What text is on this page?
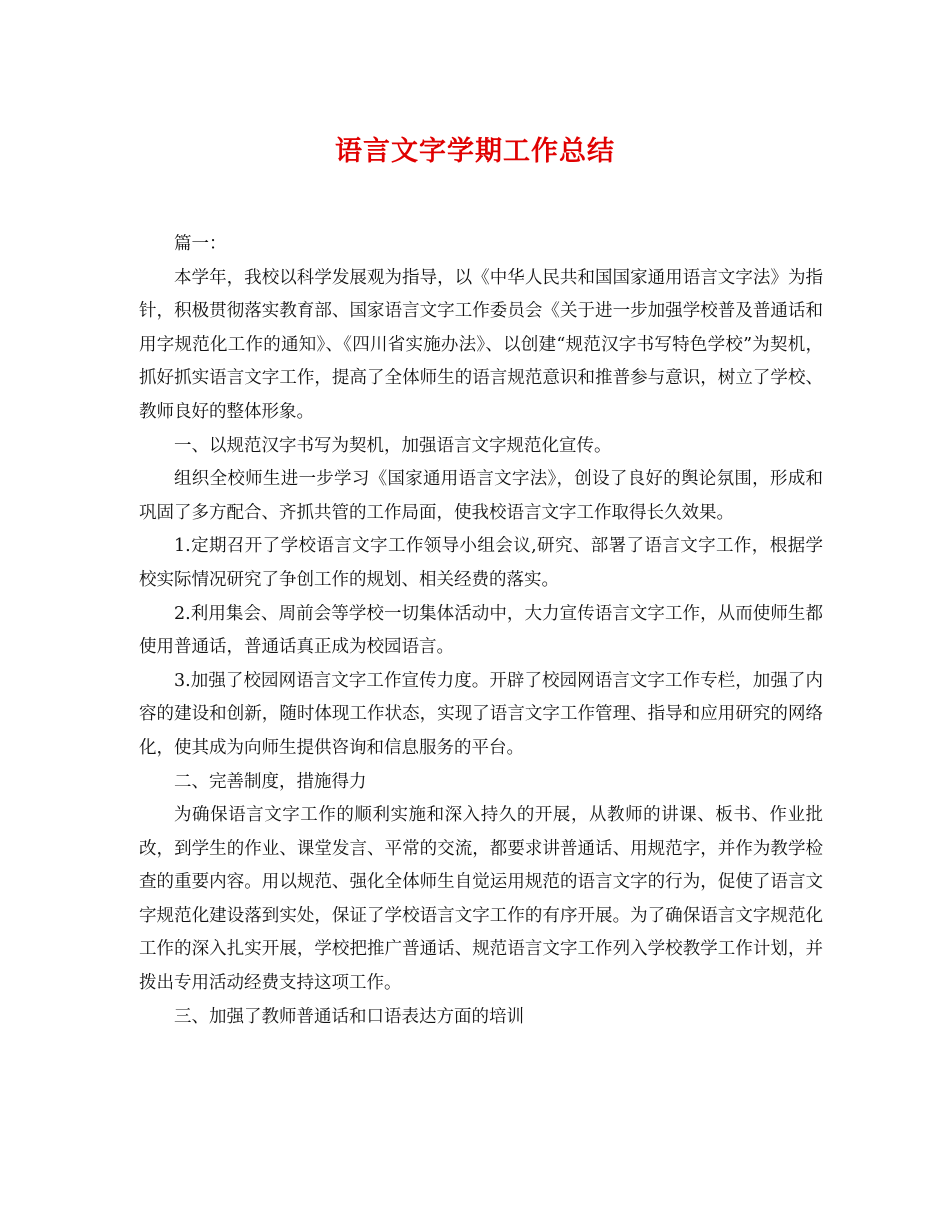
语言文字学期工作总结

篇一：

本学年，我校以科学发展观为指导，以《中华人民共和国国家通用语言文字法》为指针，积极贯彻落实教育部、国家语言文字工作委员会《关于进一步加强学校普及普通话和用字规范化工作的通知》、《四川省实施办法》、以创建“规范汉字书写特色学校”为契机，抓好抓实语言文字工作，提高了全体师生的语言规范意识和推普参与意识，树立了学校、教师良好的整体形象。

一、以规范汉字书写为契机，加强语言文字规范化宣传。

组织全校师生进一步学习《国家通用语言文字法》，创设了良好的舆论氛围，形成和巩固了多方配合、齐抓共管的工作局面，使我校语言文字工作取得长久效果。

1.定期召开了学校语言文字工作领导小组会议,研究、部署了语言文字工作，根据学校实际情况研究了争创工作的规划、相关经费的落实。

2.利用集会、周前会等学校一切集体活动中，大力宣传语言文字工作，从而使师生都使用普通话，普通话真正成为校园语言。

3.加强了校园网语言文字工作宣传力度。开辟了校园网语言文字工作专栏，加强了内容的建设和创新，随时体现工作状态，实现了语言文字工作管理、指导和应用研究的网络化，使其成为向师生提供咨询和信息服务的平台。

二、完善制度，措施得力

为确保语言文字工作的顺利实施和深入持久的开展，从教师的讲课、板书、作业批改，到学生的作业、课堂发言、平常的交流，都要求讲普通话、用规范字，并作为教学检查的重要内容。用以规范、强化全体师生自觉运用规范的语言文字的行为，促使了语言文字规范化建设落到实处，保证了学校语言文字工作的有序开展。为了确保语言文字规范化工作的深入扎实开展，学校把推广普通话、规范语言文字工作列入学校教学工作计划，并拨出专用活动经费支持这项工作。

三、加强了教师普通话和口语表达方面的培训
